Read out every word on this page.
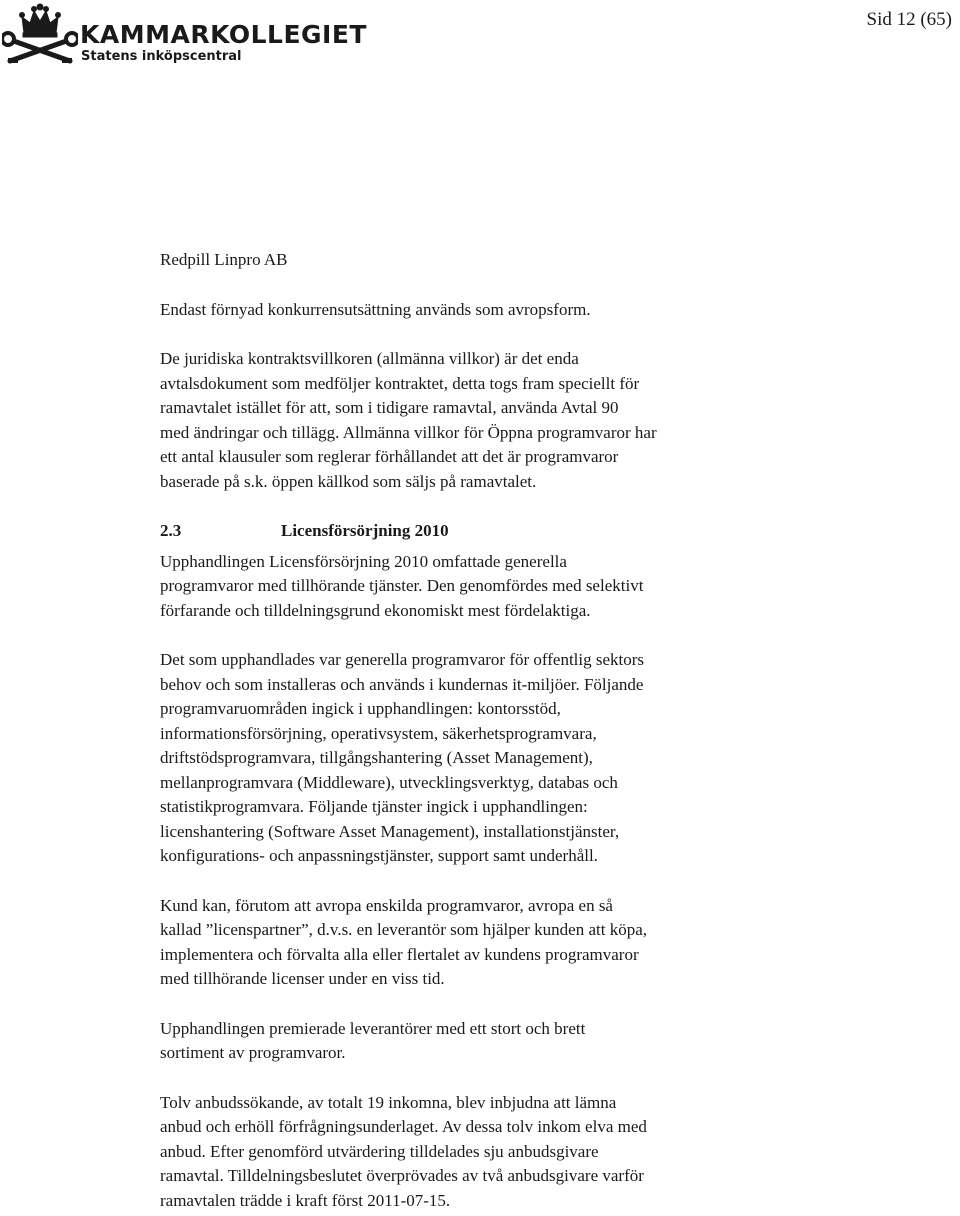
KAMMARKOLLEGIET
Statens inköpscentral
Sid 12 (65)

Redpill Linpro AB

Endast förnyad konkurrensutsättning används som avropsform.

De juridiska kontraktsvillkoren (allmänna villkor) är det enda

avtalsdokument som medföljer kontraktet, detta togs fram speciellt för

ramavtalet istället för att, som i tidigare ramavtal, använda Avtal 90

med ändringar och tillägg. Allmänna villkor för Öppna programvaror har

ett antal klausuler som reglerar förhållandet att det är programvaror

baserade på s.k. öppen källkod som säljs på ramavtalet.

2.3	Licensförsörjning 2010

Upphandlingen Licensförsörjning 2010 omfattade generella

programvaror med tillhörande tjänster. Den genomfördes med selektivt

förfarande och tilldelningsgrund ekonomiskt mest fördelaktiga.

Det som upphandlades var generella programvaror för offentlig sektors

behov och som installeras och används i kundernas it-miljöer. Följande

programvaruområden ingick i upphandlingen: kontorsstöd,

informationsförsörjning, operativsystem, säkerhetsprogramvara,

driftstödsprogramvara, tillgångshantering (Asset Management),

mellanprogramvara (Middleware), utvecklingsverktyg, databas och

statistikprogramvara. Följande tjänster ingick i upphandlingen:

licenshantering (Software Asset Management), installationstjänster,

konfigurations- och anpassningstjänster, support samt underhåll.

Kund kan, förutom att avropa enskilda programvaror, avropa en så

kallad ”licenspartner”, d.v.s. en leverantör som hjälper kunden att köpa,

implementera och förvalta alla eller flertalet av kundens programvaror

med tillhörande licenser under en viss tid.

Upphandlingen premierade leverantörer med ett stort och brett

sortiment av programvaror.

Tolv anbudssökande, av totalt 19 inkomna, blev inbjudna att lämna

anbud och erhöll förfrågningsunderlaget. Av dessa tolv inkom elva med

anbud. Efter genomförd utvärdering tilldelades sju anbudsgivare

ramavtal. Tilldelningsbeslutet överprövades av två anbudsgivare varför

ramavtalen trädde i kraft först 2011-07-15.
